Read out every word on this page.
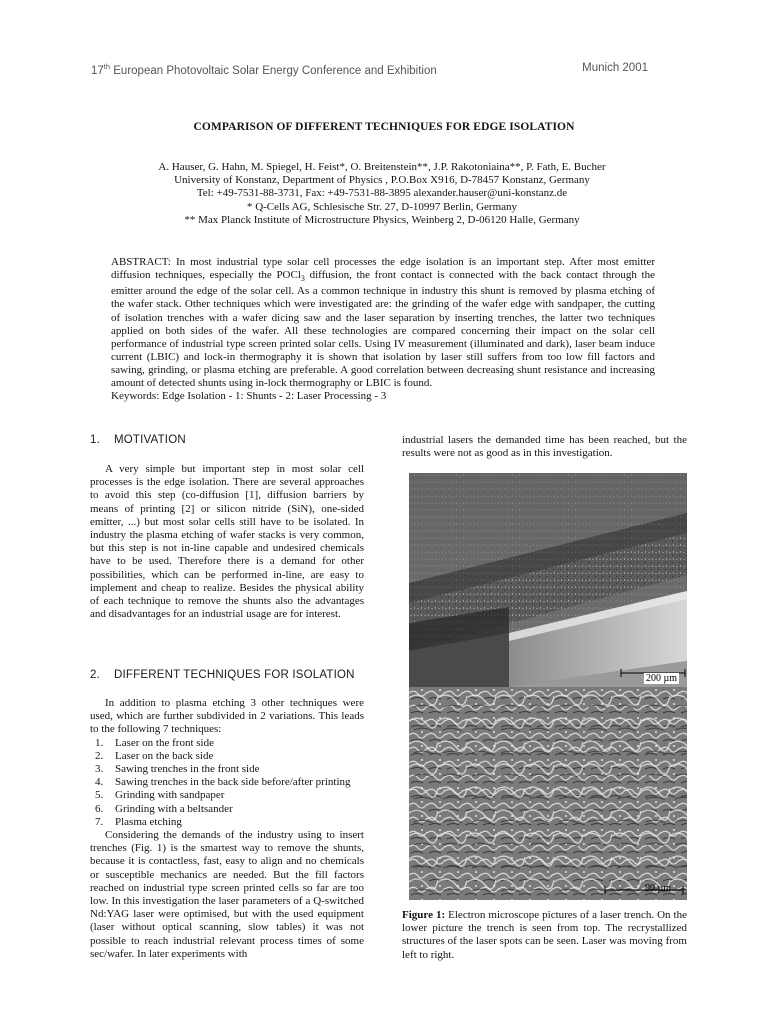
17th European Photovoltaic Solar Energy Conference and Exhibition	Munich 2001
COMPARISON OF DIFFERENT TECHNIQUES FOR EDGE ISOLATION
A. Hauser, G. Hahn, M. Spiegel, H. Feist*, O. Breitenstein**, J.P. Rakotoniaina**, P. Fath, E. Bucher
University of Konstanz, Department of Physics , P.O.Box X916, D-78457 Konstanz, Germany
Tel: +49-7531-88-3731, Fax: +49-7531-88-3895 alexander.hauser@uni-konstanz.de
* Q-Cells AG, Schlesische Str. 27, D-10997 Berlin, Germany
** Max Planck Institute of Microstructure Physics, Weinberg 2, D-06120 Halle, Germany

ABSTRACT: In most industrial type solar cell processes the edge isolation is an important step. After most emitter diffusion techniques, especially the POCl$_3$ diffusion, the front contact is connected with the back contact through the emitter around the edge of the solar cell. As a common technique in industry this shunt is removed by plasma etching of the wafer stack. Other techniques which were investigated are: the grinding of the wafer edge with sandpaper, the cutting of isolation trenches with a wafer dicing saw and the laser separation by inserting trenches, the latter two techniques applied on both sides of the wafer. All these technologies are compared concerning their impact on the solar cell performance of industrial type screen printed solar cells. Using IV measurement (illuminated and dark), laser beam induce current (LBIC) and lock-in thermography it is shown that isolation by laser still suffers from too low fill factors and sawing, grinding, or plasma etching are preferable. A good correlation between decreasing shunt resistance and increasing amount of detected shunts using in-lock thermography or LBIC is found.

Keywords: Edge Isolation - 1: Shunts - 2: Laser Processing - 3

1. MOTIVATION

A very simple but important step in most solar cell processes is the edge isolation. There are several approaches to avoid this step (co-diffusion [1], diffusion barriers by means of printing [2] or silicon nitride (SiN), one-sided emitter, ...) but most solar cells still have to be isolated. In industry the plasma etching of wafer stacks is very common, but this step is not in-line capable and undesired chemicals have to be used. Therefore there is a demand for other possibilities, which can be performed in-line, are easy to implement and cheap to realize. Besides the physical ability of each technique to remove the shunts also the advantages and disadvantages for an industrial usage are for interest.

2. DIFFERENT TECHNIQUES FOR ISOLATION

In addition to plasma etching 3 other techniques were used, which are further subdivided in 2 variations. This leads to the following 7 techniques:

1. Laser on the front side
2. Laser on the back side
3. Sawing trenches in the front side
4. Sawing trenches in the back side before/after printing
5. Grinding with sandpaper
6. Grinding with a beltsander
7. Plasma etching

Considering the demands of the industry using to insert trenches (Fig. 1) is the smartest way to remove the shunts, because it is contactless, fast, easy to align and no chemicals or susceptible mechanics are needed. But the fill factors reached on industrial type screen printed cells so far are too low. In this investigation the laser parameters of a Q-switched Nd:YAG laser were optimised, but with the used equipment (laser without optical scanning, slow tables) it was not possible to reach industrial relevant process times of some sec/wafer. In later experiments with

industrial lasers the demanded time has been reached, but the results were not as good as in this investigation.
200 µm
90 µm
Figure 1: Electron microscope pictures of a laser trench. On the lower picture the trench is seen from top. The recrystallized structures of the laser spots can be seen. Laser was moving from left to right.
